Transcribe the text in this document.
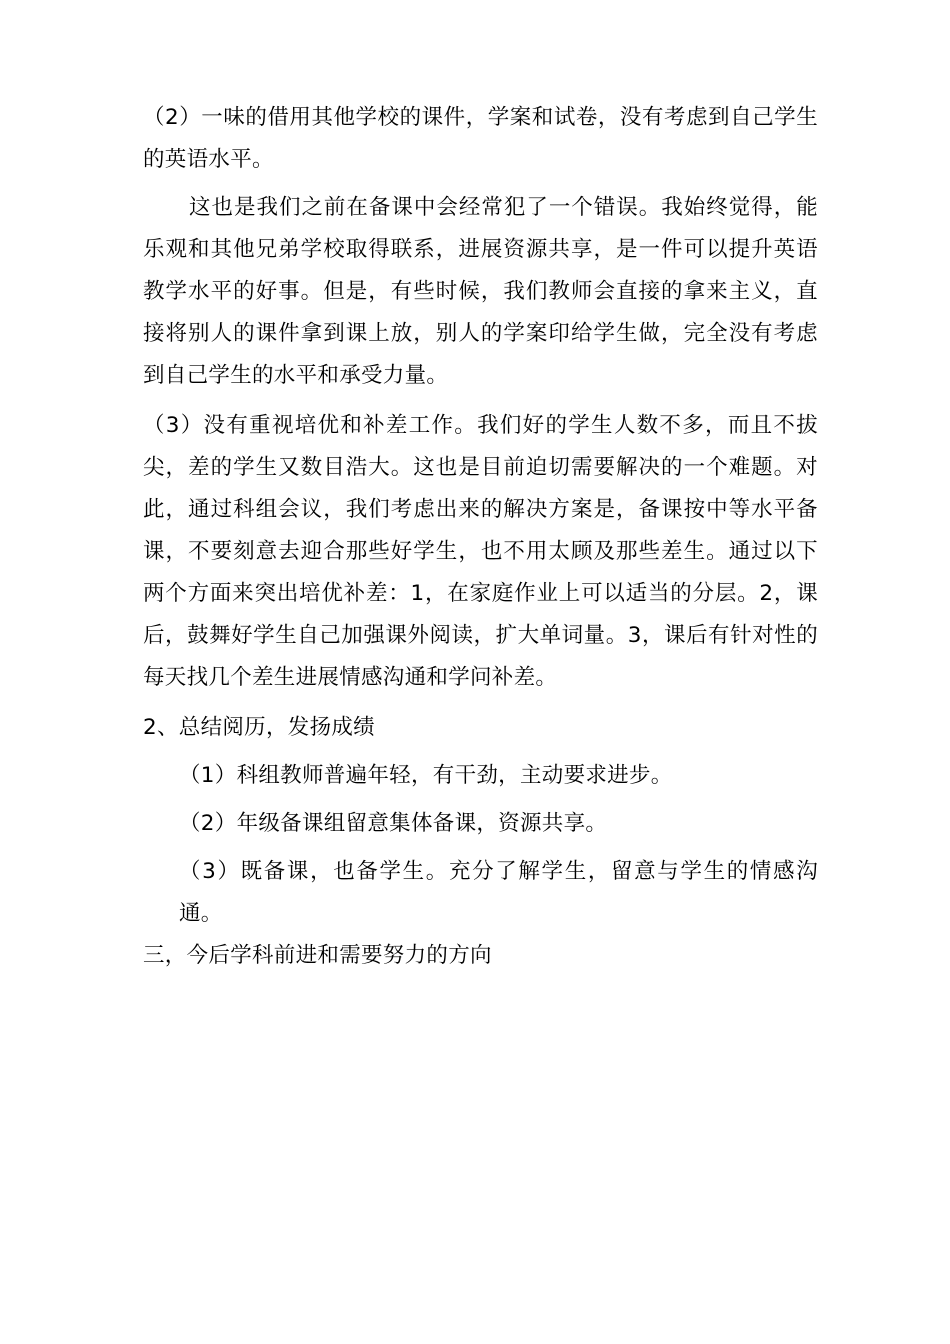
（2）一味的借用其他学校的课件，学案和试卷，没有考虑到自己学生的英语水平。

这也是我们之前在备课中会经常犯了一个错误。我始终觉得，能乐观和其他兄弟学校取得联系，进展资源共享，是一件可以提升英语教学水平的好事。但是，有些时候，我们教师会直接的拿来主义，直接将别人的课件拿到课上放，别人的学案印给学生做，完全没有考虑到自己学生的水平和承受力量。

（3）没有重视培优和补差工作。我们好的学生人数不多，而且不拔尖，差的学生又数目浩大。这也是目前迫切需要解决的一个难题。对此，通过科组会议，我们考虑出来的解决方案是，备课按中等水平备课，不要刻意去迎合那些好学生，也不用太顾及那些差生。通过以下两个方面来突出培优补差：1，在家庭作业上可以适当的分层。2，课后，鼓舞好学生自己加强课外阅读，扩大单词量。3，课后有针对性的每天找几个差生进展情感沟通和学问补差。

2、总结阅历，发扬成绩

（1）科组教师普遍年轻，有干劲，主动要求进步。

（2）年级备课组留意集体备课，资源共享。

（3）既备课，也备学生。充分了解学生，留意与学生的情感沟通。

三，今后学科前进和需要努力的方向
